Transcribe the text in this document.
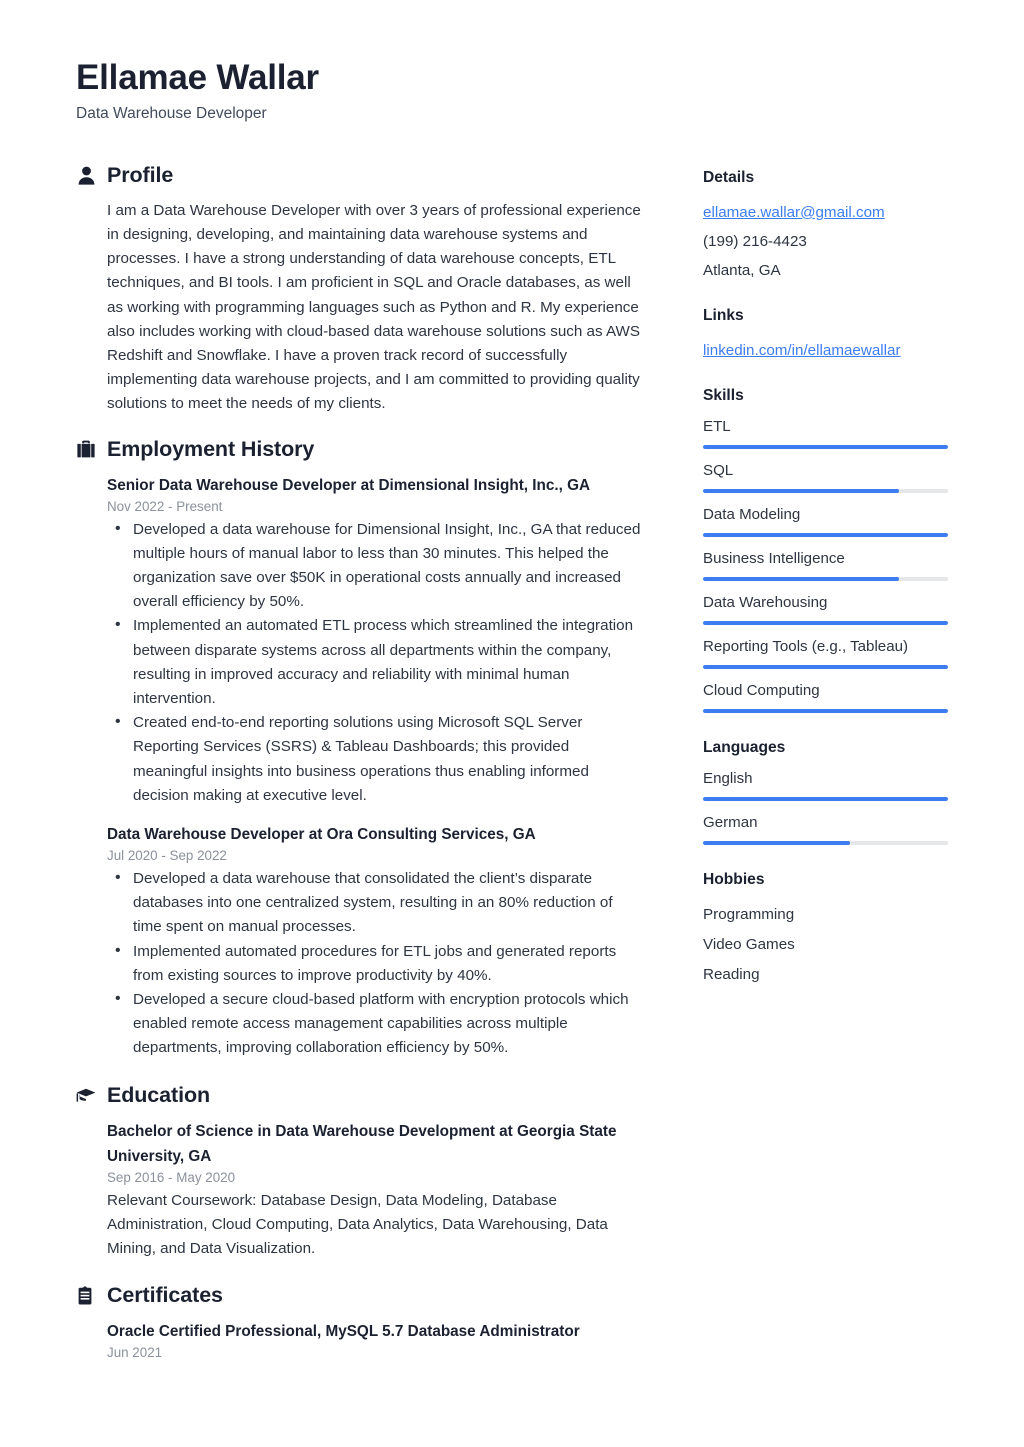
Ellamae Wallar
Data Warehouse Developer
Profile

I am a Data Warehouse Developer with over 3 years of professional experience in designing, developing, and maintaining data warehouse systems and processes. I have a strong understanding of data warehouse concepts, ETL techniques, and BI tools. I am proficient in SQL and Oracle databases, as well as working with programming languages such as Python and R. My experience also includes working with cloud-based data warehouse solutions such as AWS Redshift and Snowflake. I have a proven track record of successfully implementing data warehouse projects, and I am committed to providing quality solutions to meet the needs of my clients.

Employment History
Senior Data Warehouse Developer at Dimensional Insight, Inc., GA
Nov 2022 - Present
• Developed a data warehouse for Dimensional Insight, Inc., GA that reduced multiple hours of manual labor to less than 30 minutes. This helped the organization save over $50K in operational costs annually and increased overall efficiency by 50%.
• Implemented an automated ETL process which streamlined the integration between disparate systems across all departments within the company, resulting in improved accuracy and reliability with minimal human intervention.
• Created end-to-end reporting solutions using Microsoft SQL Server Reporting Services (SSRS) & Tableau Dashboards; this provided meaningful insights into business operations thus enabling informed decision making at executive level.
Data Warehouse Developer at Ora Consulting Services, GA
Jul 2020 - Sep 2022
• Developed a data warehouse that consolidated the client’s disparate databases into one centralized system, resulting in an 80% reduction of time spent on manual processes.
• Implemented automated procedures for ETL jobs and generated reports from existing sources to improve productivity by 40%.
• Developed a secure cloud-based platform with encryption protocols which enabled remote access management capabilities across multiple departments, improving collaboration efficiency by 50%.
Education
Bachelor of Science in Data Warehouse Development at Georgia State University, GA
Sep 2016 - May 2020
Relevant Coursework: Database Design, Data Modeling, Database Administration, Cloud Computing, Data Analytics, Data Warehousing, Data Mining, and Data Visualization.
Certificates
Oracle Certified Professional, MySQL 5.7 Database Administrator
Jun 2021
Details
ellamae.wallar@gmail.com
(199) 216-4423
Atlanta, GA
Links
linkedin.com/in/ellamaewallar
Skills
ETL
SQL
Data Modeling
Business Intelligence
Data Warehousing
Reporting Tools (e.g., Tableau)
Cloud Computing
Languages
English
German
Hobbies
Programming
Video Games
Reading
